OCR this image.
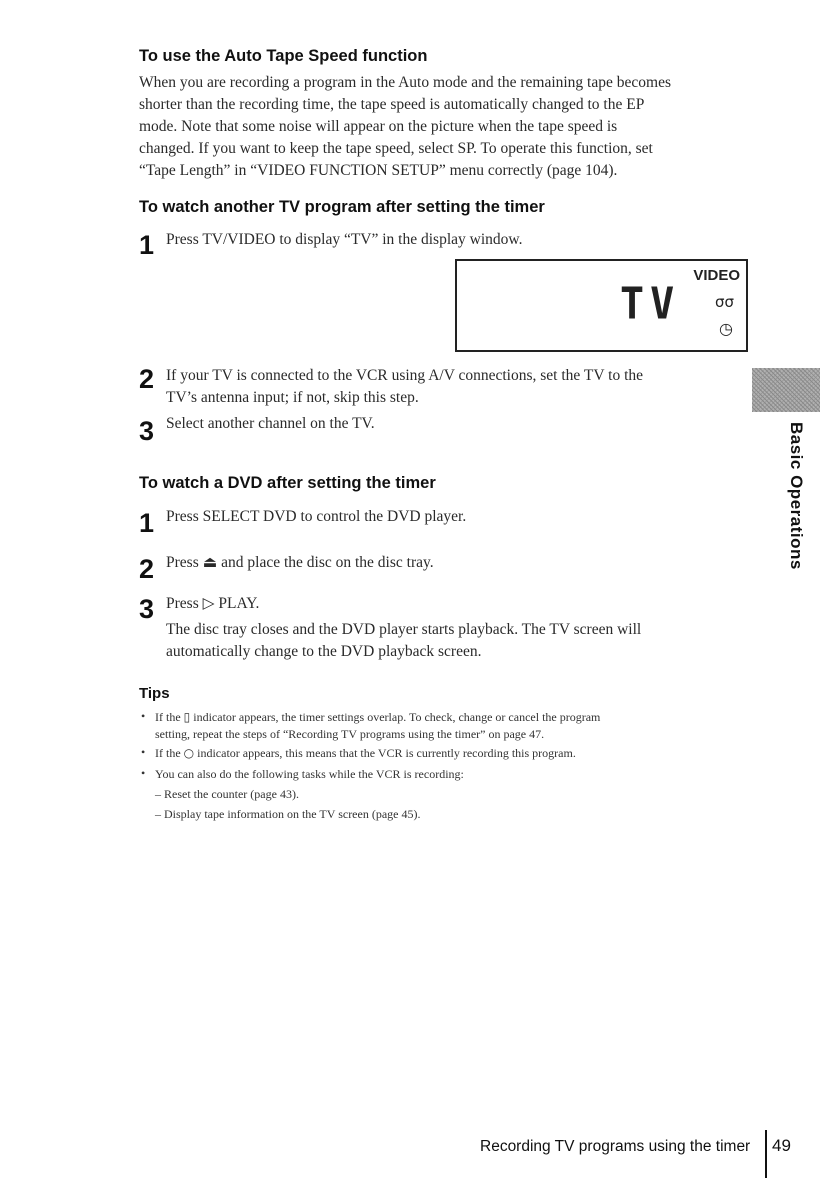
To use the Auto Tape Speed function
When you are recording a program in the Auto mode and the remaining tape becomes
shorter than the recording time, the tape speed is automatically changed to the EP
mode. Note that some noise will appear on the picture when the tape speed is
changed. If you want to keep the tape speed, select SP. To operate this function, set
“Tape Length” in “VIDEO FUNCTION SETUP” menu correctly (page 104).
To watch another TV program after setting the timer
1 Press TV/VIDEO to display “TV” in the display window.
TV
VIDEO
σσ
◷
2 If your TV is connected to the VCR using A/V connections, set the TV to the
TV’s antenna input; if not, skip this step.
3 Select another channel on the TV.
To watch a DVD after setting the timer
1 Press SELECT DVD to control the DVD player.
2 Press ⏏ and place the disc on the disc tray.
3 Press ▷ PLAY.
The disc tray closes and the DVD player starts playback. The TV screen will
automatically change to the DVD playback screen.
Tips
• If the ▯ indicator appears, the timer settings overlap. To check, change or cancel the program
setting, repeat the steps of “Recording TV programs using the timer” on page 47.
• If the ○ indicator appears, this means that the VCR is currently recording this program.
• You can also do the following tasks while the VCR is recording:
– Reset the counter (page 43).
– Display tape information on the TV screen (page 45).
Basic Operations
Recording TV programs using the timer 49
